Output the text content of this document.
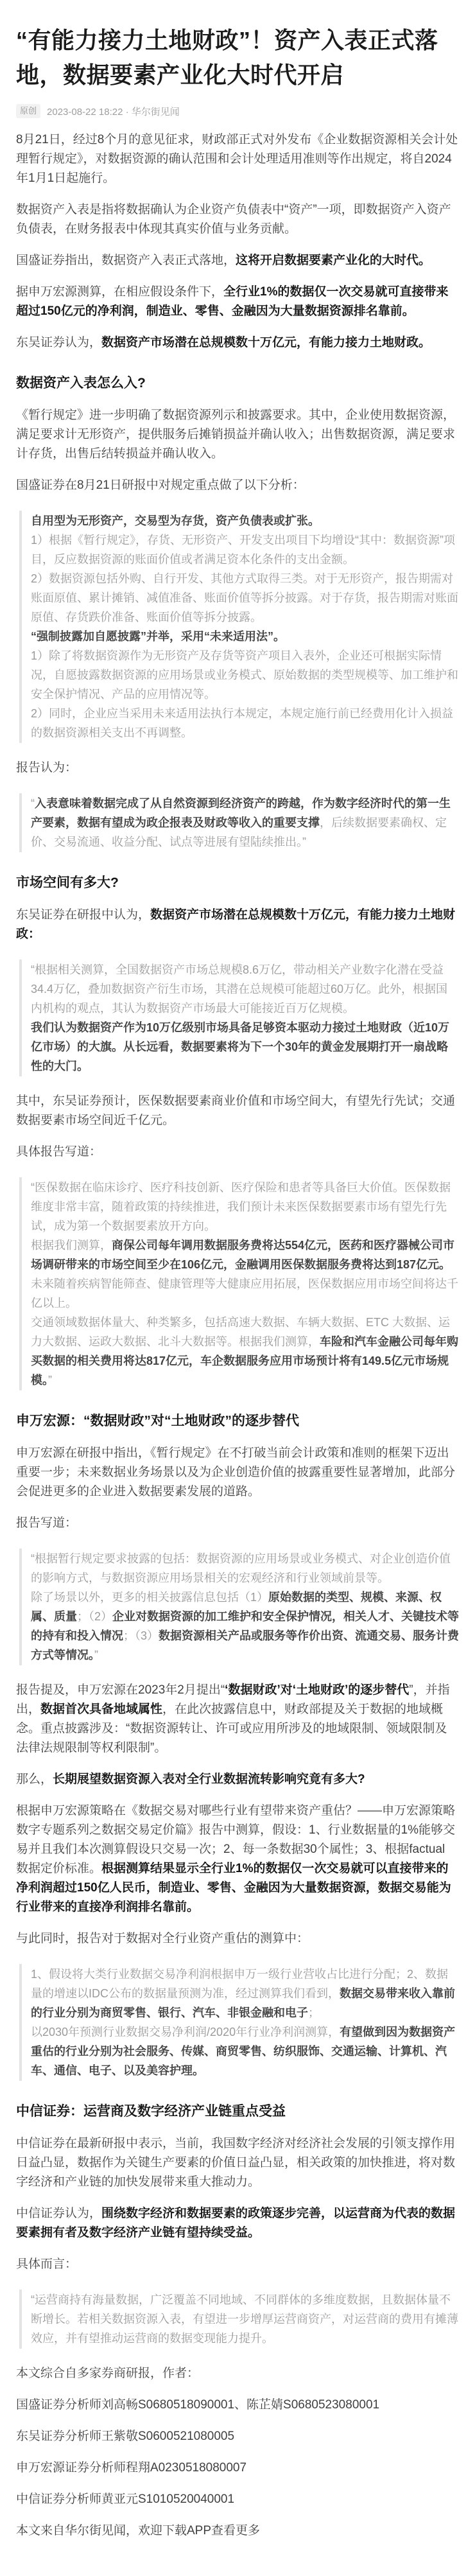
“有能力接力土地财政”！资产入表正式落地，数据要素产业化大时代开启
原创	2023-08-22 18:22 · 华尔街见闻

8月21日，经过8个月的意见征求，财政部正式对外发布《企业数据资源相关会计处理暂行规定》，对数据资源的确认范围和会计处理适用准则等作出规定，将自2024年1月1日起施行。

数据资产入表是指将数据确认为企业资产负债表中“资产”一项，即数据资产入资产负债表，在财务报表中体现其真实价值与业务贡献。

国盛证券指出，数据资产入表正式落地，这将开启数据要素产业化的大时代。

据申万宏源测算，在相应假设条件下，全行业1%的数据仅一次交易就可直接带来超过150亿元的净利润，制造业、零售、金融因为大量数据资源排名靠前。

东吴证券认为，数据资产市场潜在总规模数十万亿元，有能力接力土地财政。

数据资产入表怎么入?

《暂行规定》进一步明确了数据资源列示和披露要求。其中，企业使用数据资源，满足要求计无形资产，提供服务后摊销损益并确认收入；出售数据资源，满足要求计存货，出售后结转损益并确认收入。

国盛证券在8月21日研报中对规定重点做了以下分析：

自用型为无形资产，交易型为存货，资产负债表或扩张。

1）根据《暂行规定》，存货、无形资产、开发支出项目下均增设“其中：数据资源”项目，反应数据资源的账面价值或者满足资本化条件的支出金额。

2）数据资源包括外购、自行开发、其他方式取得三类。对于无形资产，报告期需对账面原值、累计摊销、减值准备、账面价值等拆分披露。对于存货，报告期需对账面原值、存货跌价准备、账面价值等拆分披露。

“强制披露加自愿披露”并举，采用“未来适用法”。

1）除了将数据资源作为无形资产及存货等资产项目入表外，企业还可根据实际情况，自愿披露数据资源的应用场景或业务模式、原始数据的类型规模等、加工维护和安全保护情况、产品的应用情况等。

2）同时，企业应当采用未来适用法执行本规定，本规定施行前已经费用化计入损益的数据资源相关支出不再调整。

报告认为：

“入表意味着数据完成了从自然资源到经济资产的跨越，作为数字经济时代的第一生产要素，数据有望成为政企报表及财政等收入的重要支撑，后续数据要素确权、定价、交易流通、收益分配、试点等进展有望陆续推出。”

市场空间有多大?

东吴证券在研报中认为，数据资产市场潜在总规模数十万亿元，有能力接力土地财政：

“根据相关测算，全国数据资产市场总规模8.6万亿，带动相关产业数字化潜在受益34.4万亿，叠加数据资产衍生市场，其潜在总规模可能超过60万亿。此外，根据国内机构的观点，其认为数据资产市场最大可能接近百万亿规模。

我们认为数据资产作为10万亿级别市场具备足够资本驱动力接过土地财政（近10万亿市场）的大旗。从长远看，数据要素将为下一个30年的黄金发展期打开一扇战略性的大门。

其中，东吴证券预计，医保数据要素商业价值和市场空间大，有望先行先试；交通数据要素市场空间近千亿元。

具体报告写道：

“医保数据在临床诊疗、医疗科技创新、医疗保险和患者等具备巨大价值。医保数据维度非常丰富，随着政策的持续推进，我们预计未来医保数据要素市场有望先行先试，成为第一个数据要素放开方向。

根据我们测算，商保公司每年调用数据服务费将达554亿元，医药和医疗器械公司市场调研带来的市场空间至少在106亿元，金融调用医保数据服务费将达到187亿元。未来随着疾病智能筛查、健康管理等大健康应用拓展，医保数据应用市场空间将达千亿以上。

交通领域数据体量大、种类繁多，包括高速大数据、车辆大数据、ETC 大数据、运力大数据、运政大数据、北斗大数据等。根据我们测算，车险和汽车金融公司每年购买数据的相关费用将达817亿元，车企数据服务应用市场预计将有149.5亿元市场规模。”

申万宏源：“数据财政”对“土地财政”的逐步替代

申万宏源在研报中指出，《暂行规定》在不打破当前会计政策和准则的框架下迈出重要一步；未来数据业务场景以及为企业创造价值的披露重要性显著增加，此部分会促进更多的企业进入数据要素发展的道路。

报告写道：

“根据暂行规定要求披露的包括：数据资源的应用场景或业务模式、对企业创造价值的影响方式，与数据资源应用场景相关的宏观经济和行业领域前景等。

除了场景以外，更多的相关披露信息包括（1）原始数据的类型、规模、来源、权属、质量；（2）企业对数据资源的加工维护和安全保护情况，相关人才、关键技术等的持有和投入情况；（3）数据资源相关产品或服务等作价出资、流通交易、服务计费方式等情况。”

报告提及，申万宏源在2023年2月提出“‘数据财政’对‘土地财政’的逐步替代”，并指出，数据首次具备地域属性，在此次披露信息中，财政部提及关于数据的地域概念。重点披露涉及：“数据资源转让、许可或应用所涉及的地域限制、领域限制及法律法规限制等权利限制”。

那么，长期展望数据资源入表对全行业数据流转影响究竟有多大?

根据申万宏源策略在《数据交易对哪些行业有望带来资产重估？——申万宏源策略数字专题系列之数据交易定价篇》报告中测算，假设：1、行业数据量的1%能够交易并且我们本次测算假设只交易一次；2、每一条数据30个属性；3、根据factual 数据定价标准。根据测算结果显示全行业1%的数据仅一次交易就可以直接带来的净利润超过150亿人民币，制造业、零售、金融因为大量数据资源，数据交易能为行业带来的直接净利润排名靠前。

与此同时，报告对于数据对全行业资产重估的测算中：

1、假设将大类行业数据交易净利润根据申万一级行业营收占比进行分配；2、数据量的增速以IDC公布的数据量预测为准，经过测算我们看到，数据交易带来收入靠前的行业分别为商贸零售、银行、汽车、非银金融和电子；

以2030年预测行业数据交易净利润/2020年行业净利润测算，有望做到因为数据资产重估的行业分别为社会服务、传媒、商贸零售、纺织服饰、交通运输、计算机、汽车、通信、电子、以及美容护理。

中信证券：运营商及数字经济产业链重点受益

中信证券在最新研报中表示，当前，我国数字经济对经济社会发展的引领支撑作用日益凸显，数据作为关键生产要素的价值日益凸显，相关政策的加快推进，将对数字经济和产业链的加快发展带来重大推动力。

中信证券认为，围绕数字经济和数据要素的政策逐步完善，以运营商为代表的数据要素拥有者及数字经济产业链有望持续受益。

具体而言：

“运营商持有海量数据，广泛覆盖不同地域、不同群体的多维度数据，且数据体量不断增长。若相关数据资源入表，有望进一步增厚运营商资产，对运营商的费用有摊薄效应，并有望推动运营商的数据变现能力提升。

本文综合自多家券商研报，作者：

国盛证券分析师刘高畅S0680518090001、陈芷婧S0680523080001

东吴证券分析师王紫敬S0600521080005

申万宏源证券分析师程翔A0230518080007

中信证券分析师黄亚元S1010520040001

本文来自华尔街见闻，欢迎下载APP查看更多
